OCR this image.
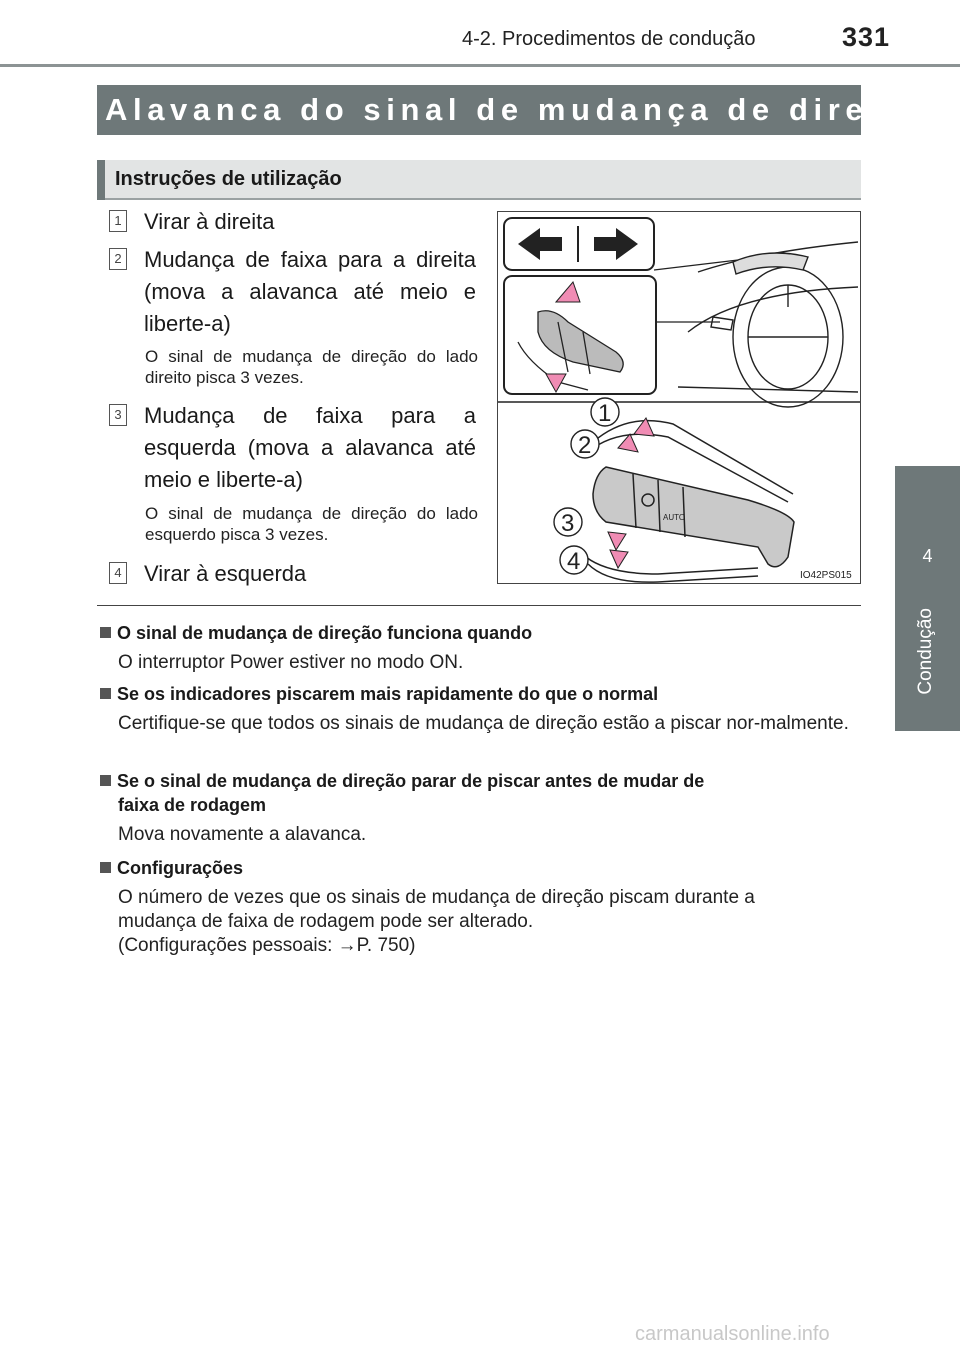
4-2. Procedimentos de condução	331
4
Condução
Alavanca do sinal de mudança de direção
Instruções de utilização
1 Virar à direita
2 Mudança de faixa para a direita (mova a alavanca até meio e liberte-a)
O sinal de mudança de direção do lado direito pisca 3 vezes.
3 Mudança de faixa para a esquerda (mova a alavanca até meio e liberte-a)
O sinal de mudança de direção do lado esquerdo pisca 3 vezes.
4 Virar à esquerda
AUTO
1
2
3
4
IO42PS015
O sinal de mudança de direção funciona quando
O interruptor Power estiver no modo ON.
Se os indicadores piscarem mais rapidamente do que o normal
Certifique-se que todos os sinais de mudança de direção estão a piscar nor-malmente.
Se o sinal de mudança de direção parar de piscar antes de mudar de
faixa de rodagem
Mova novamente a alavanca.
Configurações
O número de vezes que os sinais de mudança de direção piscam durante a
mudança de faixa de rodagem pode ser alterado.
(Configurações pessoais: →P. 750)
carmanualsonline.info
